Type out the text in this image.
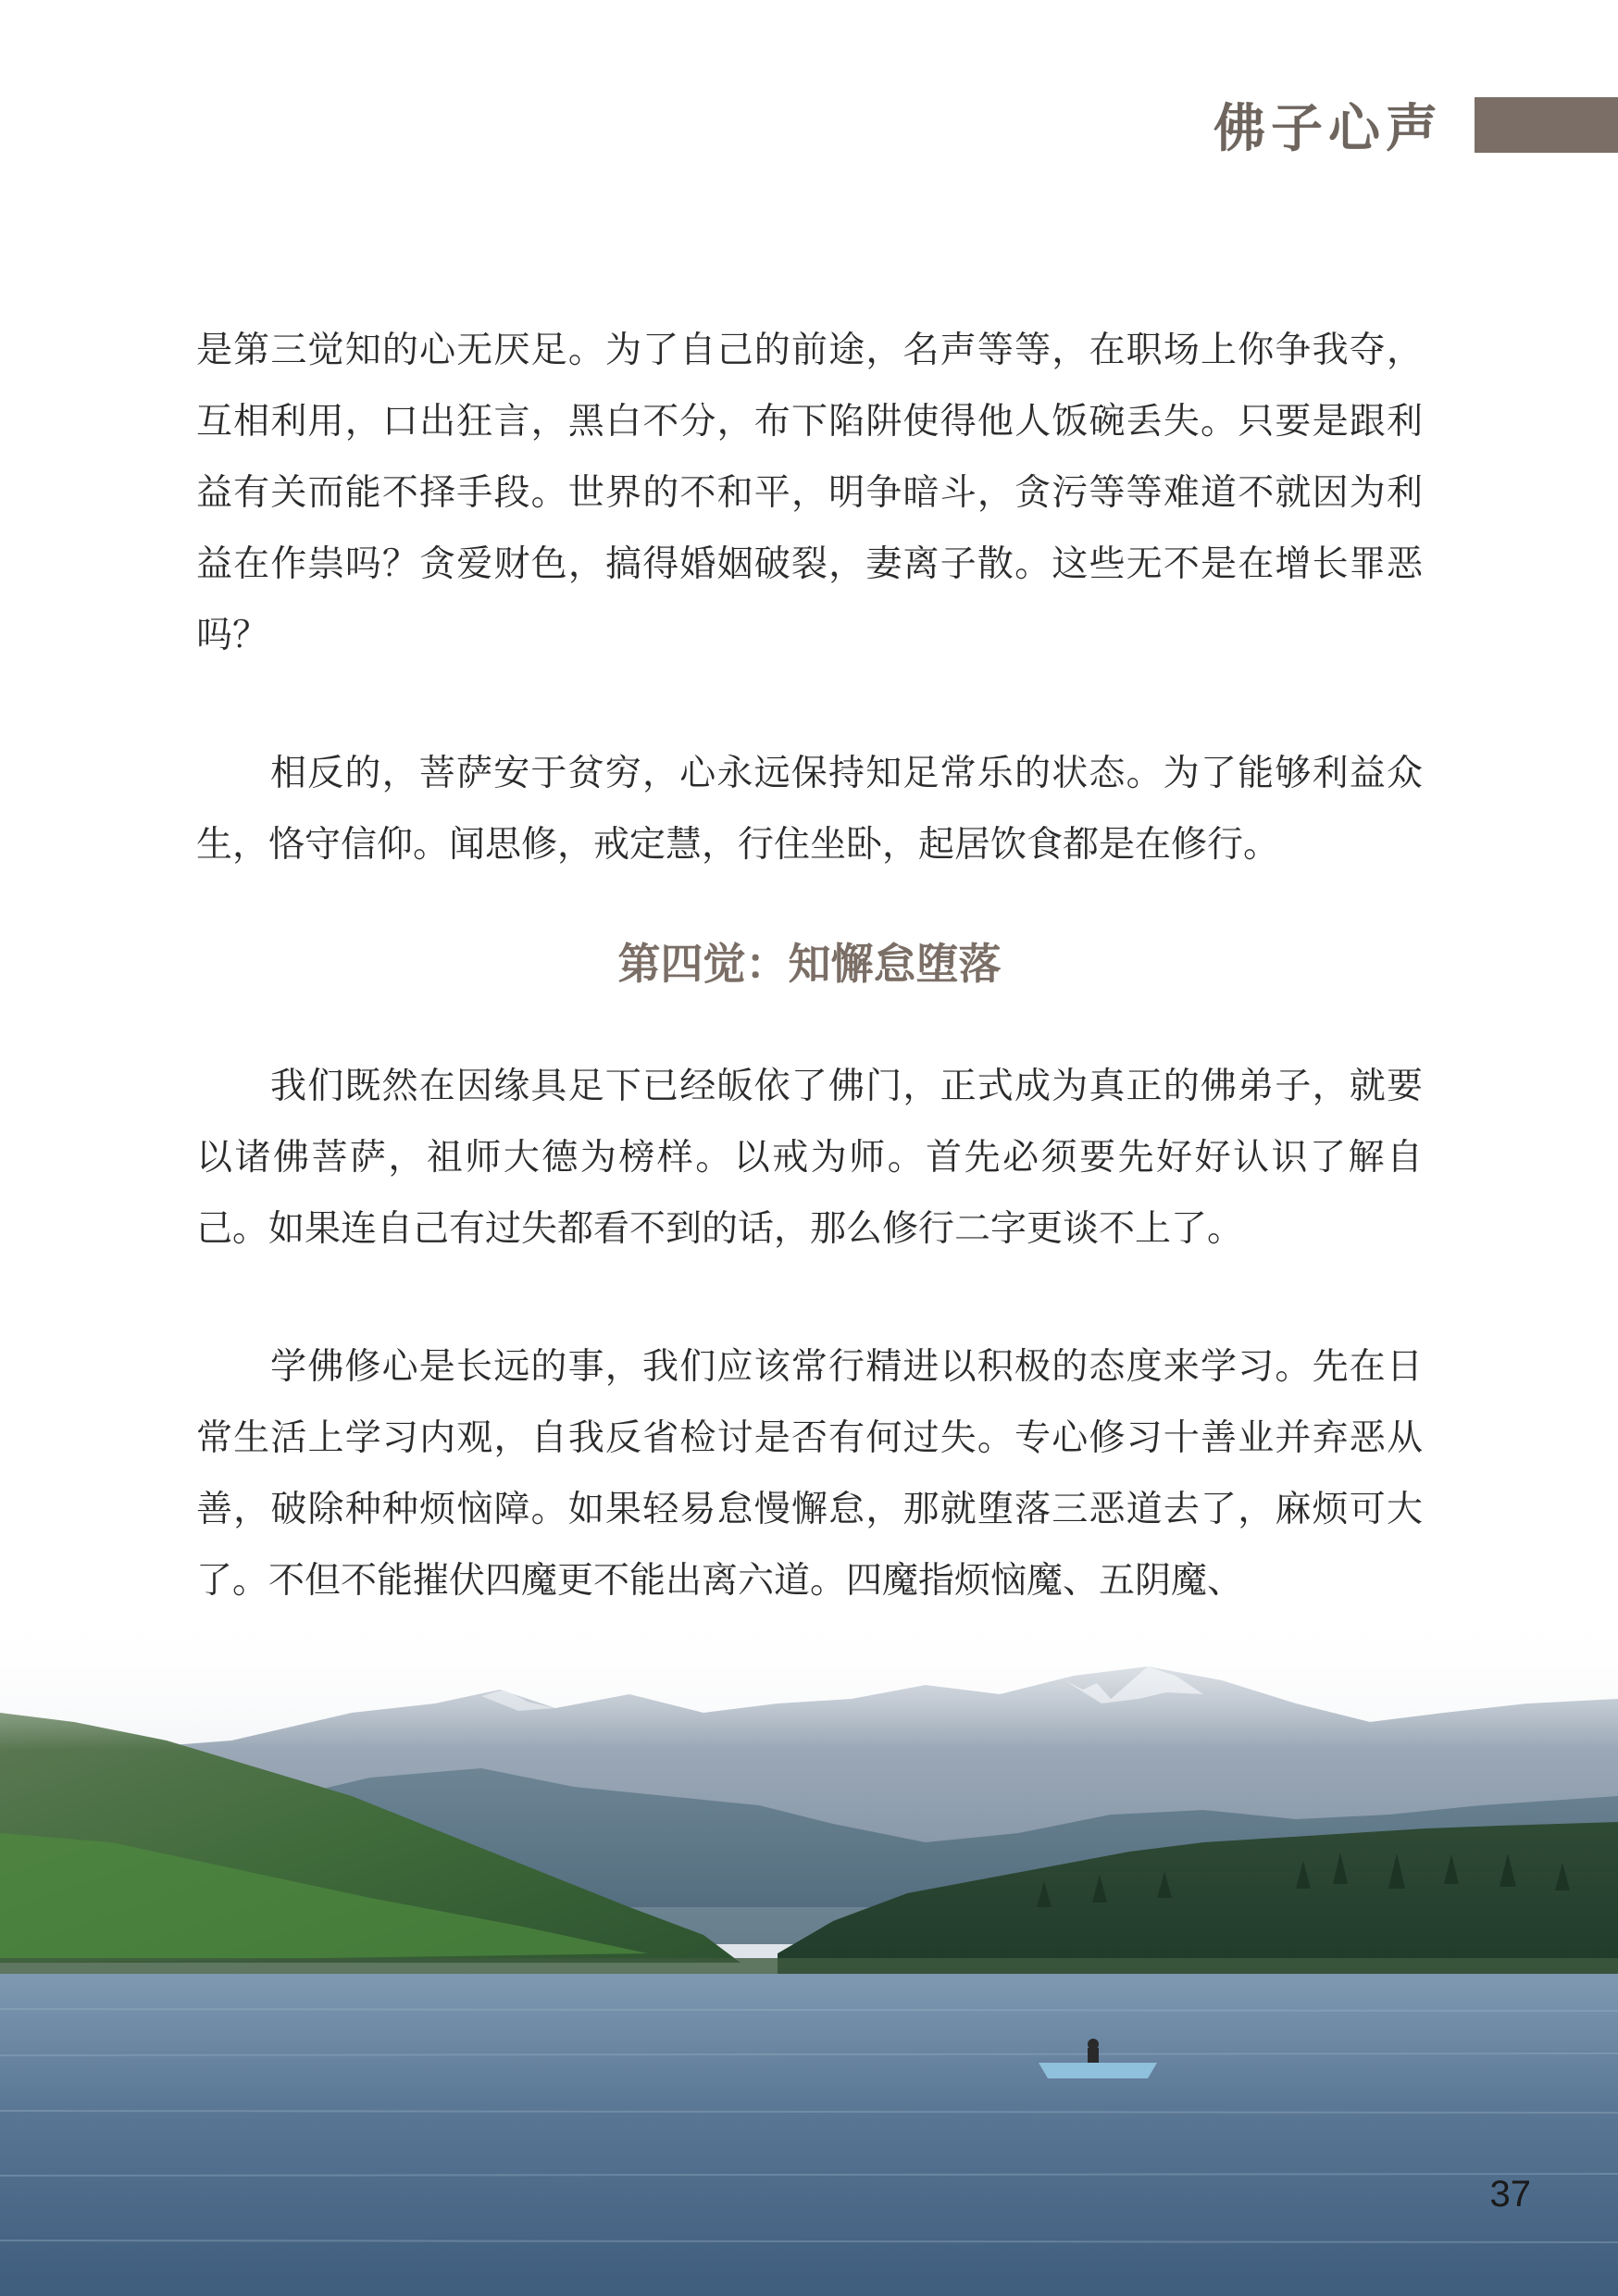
佛子心声

是第三觉知的心无厌足。为了自己的前途，名声等等，在职场上你争我夺，互相利用，口出狂言，黑白不分，布下陷阱使得他人饭碗丢失。只要是跟利益有关而能不择手段。世界的不和平，明争暗斗，贪污等等难道不就因为利益在作祟吗？贪爱财色，搞得婚姻破裂，妻离子散。这些无不是在增长罪恶吗？

相反的，菩萨安于贫穷，心永远保持知足常乐的状态。为了能够利益众生，恪守信仰。闻思修，戒定慧，行住坐卧，起居饮食都是在修行。

第四觉：知懈怠堕落

我们既然在因缘具足下已经皈依了佛门，正式成为真正的佛弟子，就要以诸佛菩萨，祖师大德为榜样。以戒为师。首先必须要先好好认识了解自己。如果连自己有过失都看不到的话，那么修行二字更谈不上了。

学佛修心是长远的事，我们应该常行精进以积极的态度来学习。先在日常生活上学习内观，自我反省检讨是否有何过失。专心修习十善业并弃恶从善，破除种种烦恼障。如果轻易怠慢懈怠，那就堕落三恶道去了，麻烦可大了。不但不能摧伏四魔更不能出离六道。四魔指烦恼魔、五阴魔、

37
